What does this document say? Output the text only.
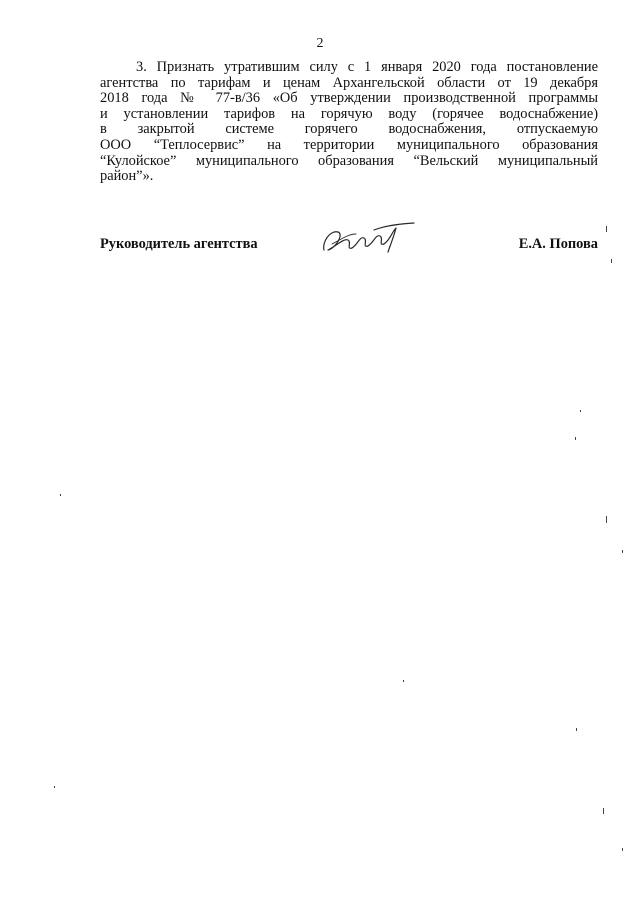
2
3. Признать утратившим силу с 1 января 2020 года постановление
агентства по тарифам и ценам Архангельской области от 19 декабря
2018 года № 77-в/36 «Об утверждении производственной программы
и установлении тарифов на горячую воду (горячее водоснабжение)
в закрытой системе горячего водоснабжения, отпускаемую
ООО “Теплосервис” на территории муниципального образования
“Кулойское” муниципального образования “Вельский муниципальный
район”».
Руководитель агентства	Е.А. Попова
